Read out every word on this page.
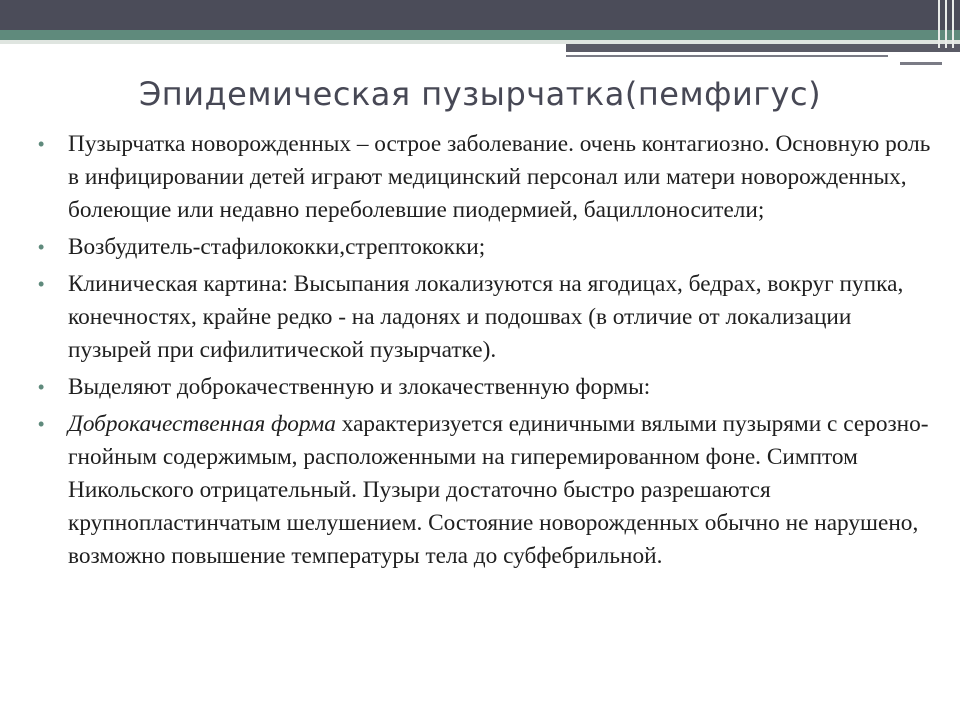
Эпидемическая пузырчатка(пемфигус)
• Пузырчатка новорожденных – острое заболевание. очень контагиозно. Основную роль в инфицировании детей играют медицинский персонал или матери новорожденных, болеющие или недавно переболевшие пиодермией, бациллоносители;
• Возбудитель-стафилококки,стрептококки;
• Клиническая картина: Высыпания локализуются на ягодицах, бедрах, вокруг пупка, конечностях, крайне редко - на ладонях и подошвах (в отличие от локализации пузырей при сифилитической пузырчатке).
• Выделяют доброкачественную и злокачественную формы:
• Доброкачественная форма характеризуется единичными вялыми пузырями с серозно-гнойным содержимым, расположенными на гиперемированном фоне. Симптом Никольского отрицательный. Пузыри достаточно быстро разрешаются крупнопластинчатым шелушением. Состояние новорожденных обычно не нарушено, возможно повышение температуры тела до субфебрильной.
